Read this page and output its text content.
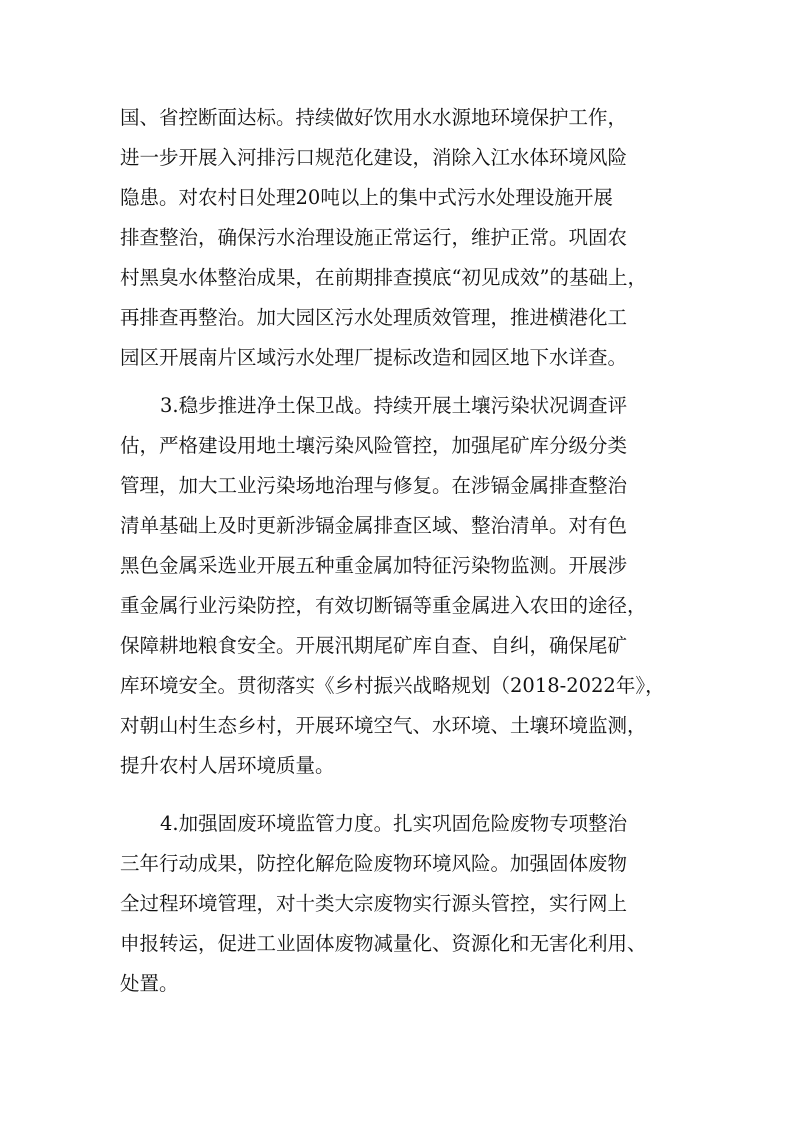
国、省控断面达标。持续做好饮用水水源地环境保护工作，
进一步开展入河排污口规范化建设，消除入江水体环境风险
隐患。对农村日处理20吨以上的集中式污水处理设施开展
排查整治，确保污水治理设施正常运行，维护正常。巩固农
村黑臭水体整治成果，在前期排查摸底“初见成效”的基础上，
再排查再整治。加大园区污水处理质效管理，推进横港化工
园区开展南片区域污水处理厂提标改造和园区地下水详查。
3.稳步推进净土保卫战。持续开展土壤污染状况调查评
估，严格建设用地土壤污染风险管控，加强尾矿库分级分类
管理，加大工业污染场地治理与修复。在涉镉金属排查整治
清单基础上及时更新涉镉金属排查区域、整治清单。对有色
黑色金属采选业开展五种重金属加特征污染物监测。开展涉
重金属行业污染防控，有效切断镉等重金属进入农田的途径，
保障耕地粮食安全。开展汛期尾矿库自查、自纠，确保尾矿
库环境安全。贯彻落实《乡村振兴战略规划（2018-2022年》，
对朝山村生态乡村，开展环境空气、水环境、土壤环境监测，
提升农村人居环境质量。
4.加强固废环境监管力度。扎实巩固危险废物专项整治
三年行动成果，防控化解危险废物环境风险。加强固体废物
全过程环境管理，对十类大宗废物实行源头管控，实行网上
申报转运，促进工业固体废物减量化、资源化和无害化利用、
处置。
